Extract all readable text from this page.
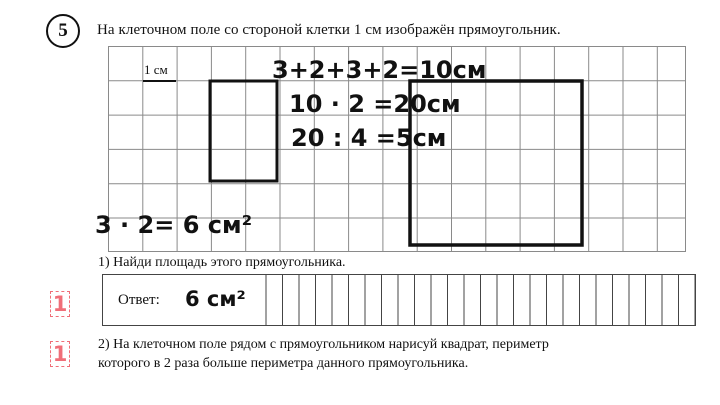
5	На клеточном поле со стороной клетки 1 см изображён прямоугольник.
1 см	3+2+3+2=10см
10 · 2 =20см
20 : 4 =5см
3 · 2= 6 см²
1) Найди площадь этого прямоугольника.
Ответ: 6 см²
1
1 2) На клеточном поле рядом с прямоугольником нарисуй квадрат, периметр
которого в 2 раза больше периметра данного прямоугольника.
